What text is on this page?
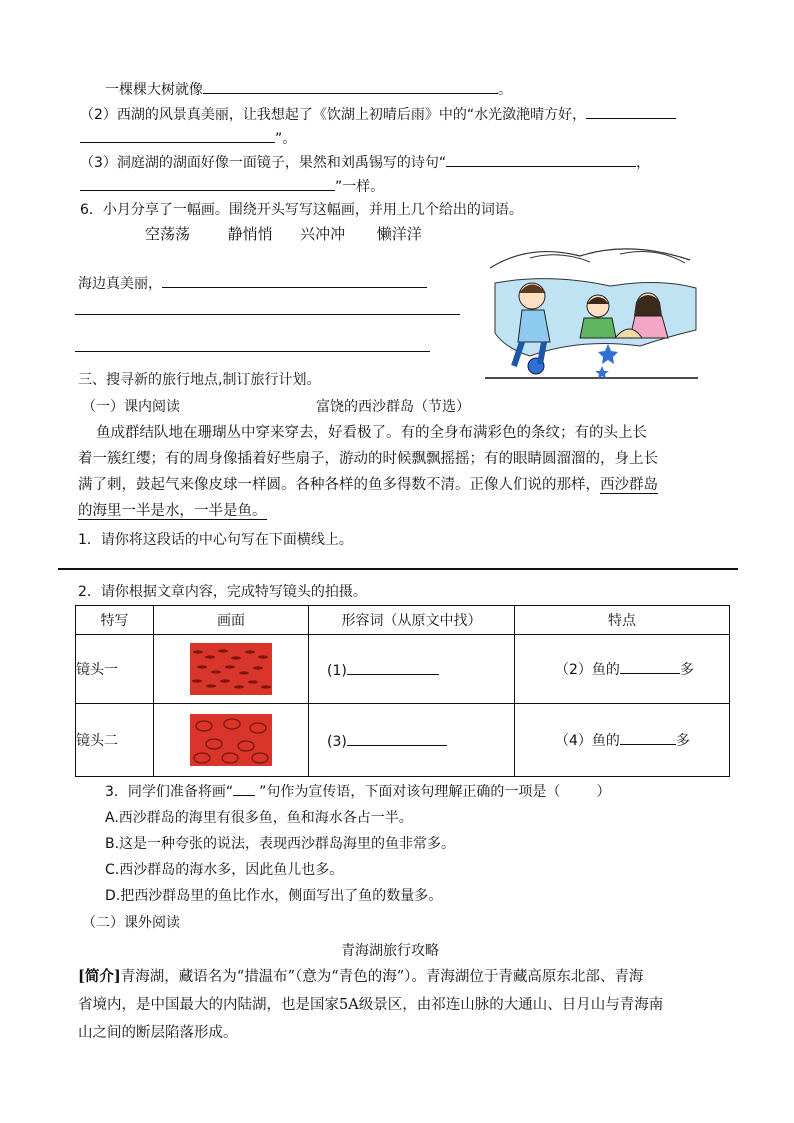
一棵棵大树就像	。
（2）西湖的风景真美丽，让我想起了《饮湖上初晴后雨》中的“水光潋滟晴方好，
”。
（3）洞庭湖的湖面好像一面镜子，果然和刘禹锡写的诗句“	，
”一样。
6．小月分享了一幅画。围绕开头写写这幅画，并用上几个给出的词语。
空荡荡	静悄悄 兴冲冲 懒洋洋
海边真美丽，
三、搜寻新的旅行地点,制订旅行计划。
（一）课内阅读	富饶的西沙群岛（节选）
鱼成群结队地在珊瑚丛中穿来穿去，好看极了。有的全身布满彩色的条纹；有的头上长
着一簇红缨；有的周身像插着好些扇子，游动的时候飘飘摇摇；有的眼睛圆溜溜的，身上长
满了刺，鼓起气来像皮球一样圆。各种各样的鱼多得数不清。正像人们说的那样，西沙群岛
的海里一半是水，一半是鱼。
1．请你将这段话的中心句写在下面横线上。
2．请你根据文章内容，完成特写镜头的拍摄。
特写	画面	形容词（从原文中找）	特点
镜头一		(1)	（2）鱼的 多
镜头二		(3)	（4）鱼的 多
3．同学们准备将画“ ”句作为宣传语，下面对该句理解正确的一项是（	）
A.西沙群岛的海里有很多鱼，鱼和海水各占一半。
B.这是一种夸张的说法，表现西沙群岛海里的鱼非常多。
C.西沙群岛的海水多，因此鱼儿也多。
D.把西沙群岛里的鱼比作水，侧面写出了鱼的数量多。
（二）课外阅读
青海湖旅行攻略
[简介]青海湖，藏语名为“措温布”（意为“青色的海”）。青海湖位于青藏高原东北部、青海
省境内，是中国最大的内陆湖，也是国家5A级景区，由祁连山脉的大通山、日月山与青海南
山之间的断层陷落形成。
